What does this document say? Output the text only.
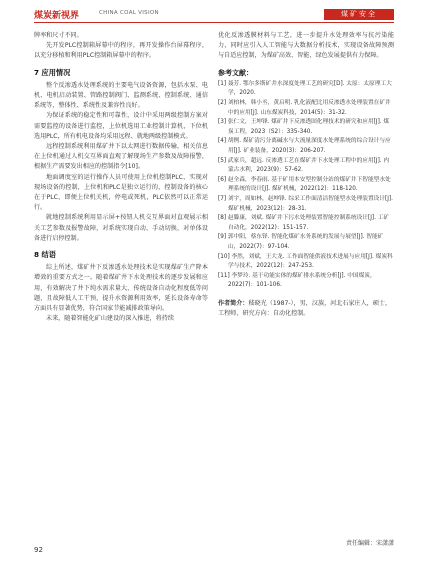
煤炭新视界	CHINA COAL VISION	煤矿安全

牌率和尺寸不同。

先开发PLC控制箱屏幕中的程序，再开发操作台屏幕程序，以充分移植和利用PLC控制箱屏幕中的程序。

7 应用情况

整个反渗透水处理系统的主要电气设备资源，包括水泵、电机、电机启动装置、管路控制阀门、监测系统、控制系统、通信系统等，整体性、系统性及兼容性良好。

为保证系统的稳定性和可靠性，设计中采用两级控制方案对需要监控的设备进行监控，上位机选用工业控制计算机，下位机选用PLC，所有机电设备均采用远程、就地两级控制模式。

远程控制系统利用煤矿井下以太网进行数据传输，相关信息在上位机通过人机交互界面直观了解现场生产参数及故障报警，根据生产需要发出相应的控制指令[10]。

地面调度室的运行操作人员可使用上位机控制PLC，实现对现场设备的控制，上位机和PLC是独立运行的，控制设备的核心在于PLC，即便上位机关机，停电或死机，PLC依然可以正常运行。

就地控制系统利用显示屏+按钮人机交互界面对直观展示相关工艺参数及报警故障，对系统实现自动、手动切换，对单体设备进行启停控制。

8 结语

综上所述，煤矿井下反渗透水处理技术是实现煤矿生产降本增效的重要方式之一。随着煤矿井下水处理技术的逐步发展和应用，有效解决了井下纯水需求量大、传统设备自动化程度低等问题，且故障低人工干预，提升水资源利用效率，延长设备寿命等方面具有显著优势，符合国家节能减排政策导向。

未来，随着智能化矿山建设的深入推进，将持续

优化反渗透膜材料与工艺，进一步提升水处理效率与抗污染能力，同时应引入人工智能与大数据分析技术，实现设备故障预测与自适应控制，为煤矿高效、智能、绿色发展提供有力保障。

参考文献：

[1] 聂芳. 鄂尔多斯矿井水深度处理工艺的研究[D]. 太原：太原理工大学，2020.

[2] 刘柏林，韩小丞，黄启明. 乳化液配比用反渗透水处理装置在矿井中的应用[J]. 山东煤炭科技，2014(5)：31-32.

[3] 张仁文，王坤锋. 煤矿井下反渗透固化理技术的研究和应用[J]. 煤炭工程，2023（S2）：335-340.

[4] 胡例. 煤矿清污分离碱水与大流量深度水处理系统的综合设计与应用[J]. 矿业装备，2020(3)：206-207.

[5] 武家兵，超远. 反渗透工艺在煤矿井下水处理工程中的应用[J]. 内蒙古水利，2023(9)：57-62.

[6] 赵全森，李春雨. 基于矿用本安型控制分站的煤矿井下智能型水处理系统的设计[J]. 煤矿机械，2022(12)：118-120.

[7] 刘宇，周如林，赵坤锋. 综采工作面清洁智能型水处理装置设计[J]. 煤矿机械，2023(12)：28-31.

[8] 赵滕康，刘斌. 煤矿井下污水处理装置智能控制系统设计[J]. 工矿自动化，2022(12)：151-157.

[9] 郭中阳，蔡东铎. 智能化煤矿水务系统的发展与展望[J]. 智能矿山，2022(7)：97-104.

[10] 李然，刘斌，王大龙. 工作面智能供液技术进展与应用[J]. 煤炭科学与技术，2022(12)：247-253.

[11] 李梦玲. 基于功能实体的煤矿排水系统分析[J]. 中国煤炭，2022(7)：101-106.

作者简介：嵇晓光（1987-），男，汉族，河北石家庄人，硕士，工程师，研究方向：自动化控制。
责任编辑：宋潇潇
92
